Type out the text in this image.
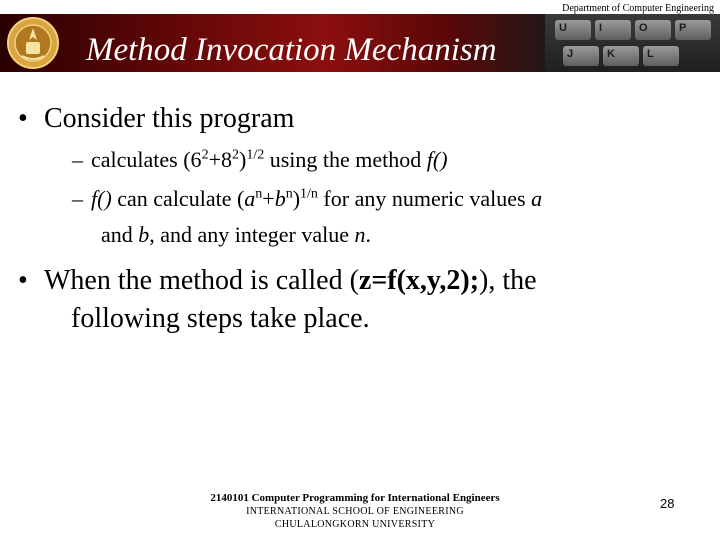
Department of Computer Engineering
Method Invocation Mechanism
U	I	O	P
J	K	L
• Consider this program
– calculates $(6^2+8^2)^{1/2}$ using the method f()
– f() can calculate $(a^n+b^n)^{1/n}$ for any numeric values a
and b, and any integer value n.
• When the method is called (z=f(x,y,2);), the
following steps take place.
2140101 Computer Programming for International Engineers
INTERNATIONAL SCHOOL OF ENGINEERING
CHULALONGKORN UNIVERSITY
28
